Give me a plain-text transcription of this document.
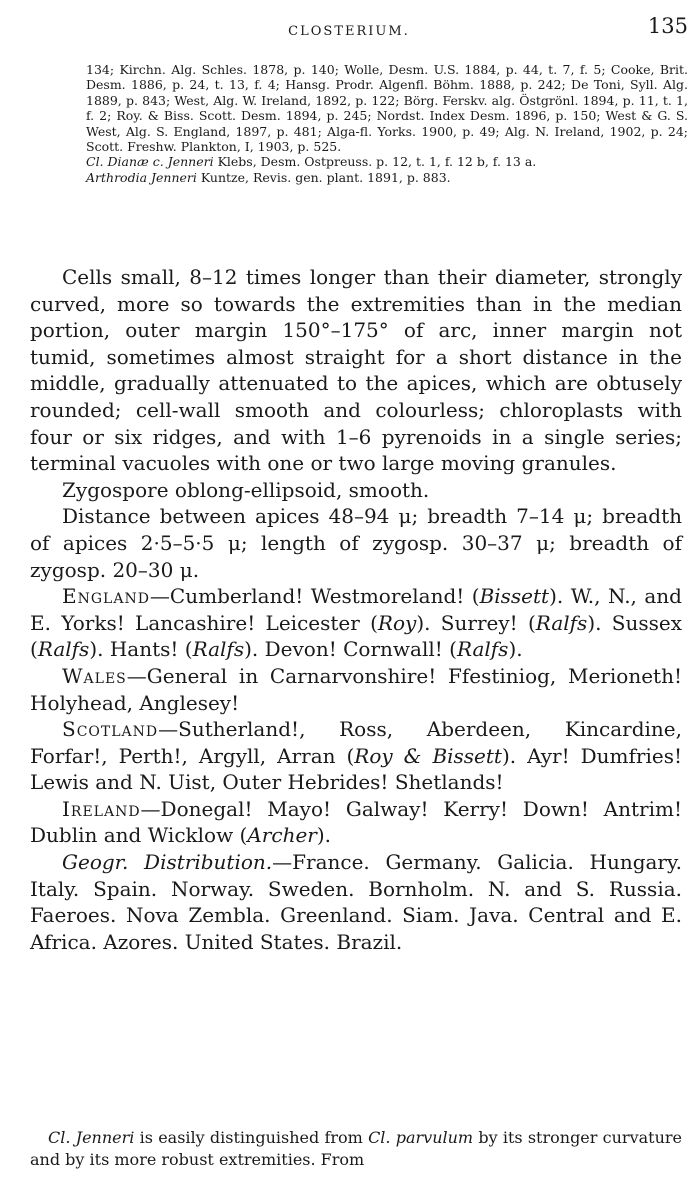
CLOSTERIUM.	135

134; Kirchn. Alg. Schles. 1878, p. 140; Wolle, Desm. U.S. 1884, p. 44, t. 7, f. 5; Cooke, Brit. Desm. 1886, p. 24, t. 13, f. 4; Hansg. Prodr. Algenfl. Böhm. 1888, p. 242; De Toni, Syll. Alg. 1889, p. 843; West, Alg. W. Ireland, 1892, p. 122; Börg. Ferskv. alg. Östgrönl. 1894, p. 11, t. 1, f. 2; Roy. & Biss. Scott. Desm. 1894, p. 245; Nordst. Index Desm. 1896, p. 150; West & G. S. West, Alg. S. England, 1897, p. 481; Alga-fl. Yorks. 1900, p. 49; Alg. N. Ireland, 1902, p. 24; Scott. Freshw. Plankton, I, 1903, p. 525.

Cl. Dianæ c. Jenneri Klebs, Desm. Ostpreuss. p. 12, t. 1, f. 12 b, f. 13 a.

Arthrodia Jenneri Kuntze, Revis. gen. plant. 1891, p. 883.

Cells small, 8–12 times longer than their diameter, strongly curved, more so towards the extremities than in the median portion, outer margin 150°–175° of arc, inner margin not tumid, sometimes almost straight for a short distance in the middle, gradually attenuated to the apices, which are obtusely rounded; cell-wall smooth and colourless; chloroplasts with four or six ridges, and with 1–6 pyrenoids in a single series; terminal vacuoles with one or two large moving granules.

Zygospore oblong-ellipsoid, smooth.

Distance between apices 48–94 μ; breadth 7–14 μ; breadth of apices 2·5–5·5 μ; length of zygosp. 30–37 μ; breadth of zygosp. 20–30 μ.

England—Cumberland! Westmoreland! (Bissett). W., N., and E. Yorks! Lancashire! Leicester (Roy). Surrey! (Ralfs). Sussex (Ralfs). Hants! (Ralfs). Devon! Cornwall! (Ralfs).

Wales—General in Carnarvonshire! Ffestiniog, Merioneth! Holyhead, Anglesey!

Scotland—Sutherland!, Ross, Aberdeen, Kincardine, Forfar!, Perth!, Argyll, Arran (Roy & Bissett). Ayr! Dumfries! Lewis and N. Uist, Outer Hebrides! Shetlands!

Ireland—Donegal! Mayo! Galway! Kerry! Down! Antrim! Dublin and Wicklow (Archer).

Geogr. Distribution.—France. Germany. Galicia. Hungary. Italy. Spain. Norway. Sweden. Bornholm. N. and S. Russia. Faeroes. Nova Zembla. Greenland. Siam. Java. Central and E. Africa. Azores. United States. Brazil.

Cl. Jenneri is easily distinguished from Cl. parvulum by its stronger curvature and by its more robust extremities. From
